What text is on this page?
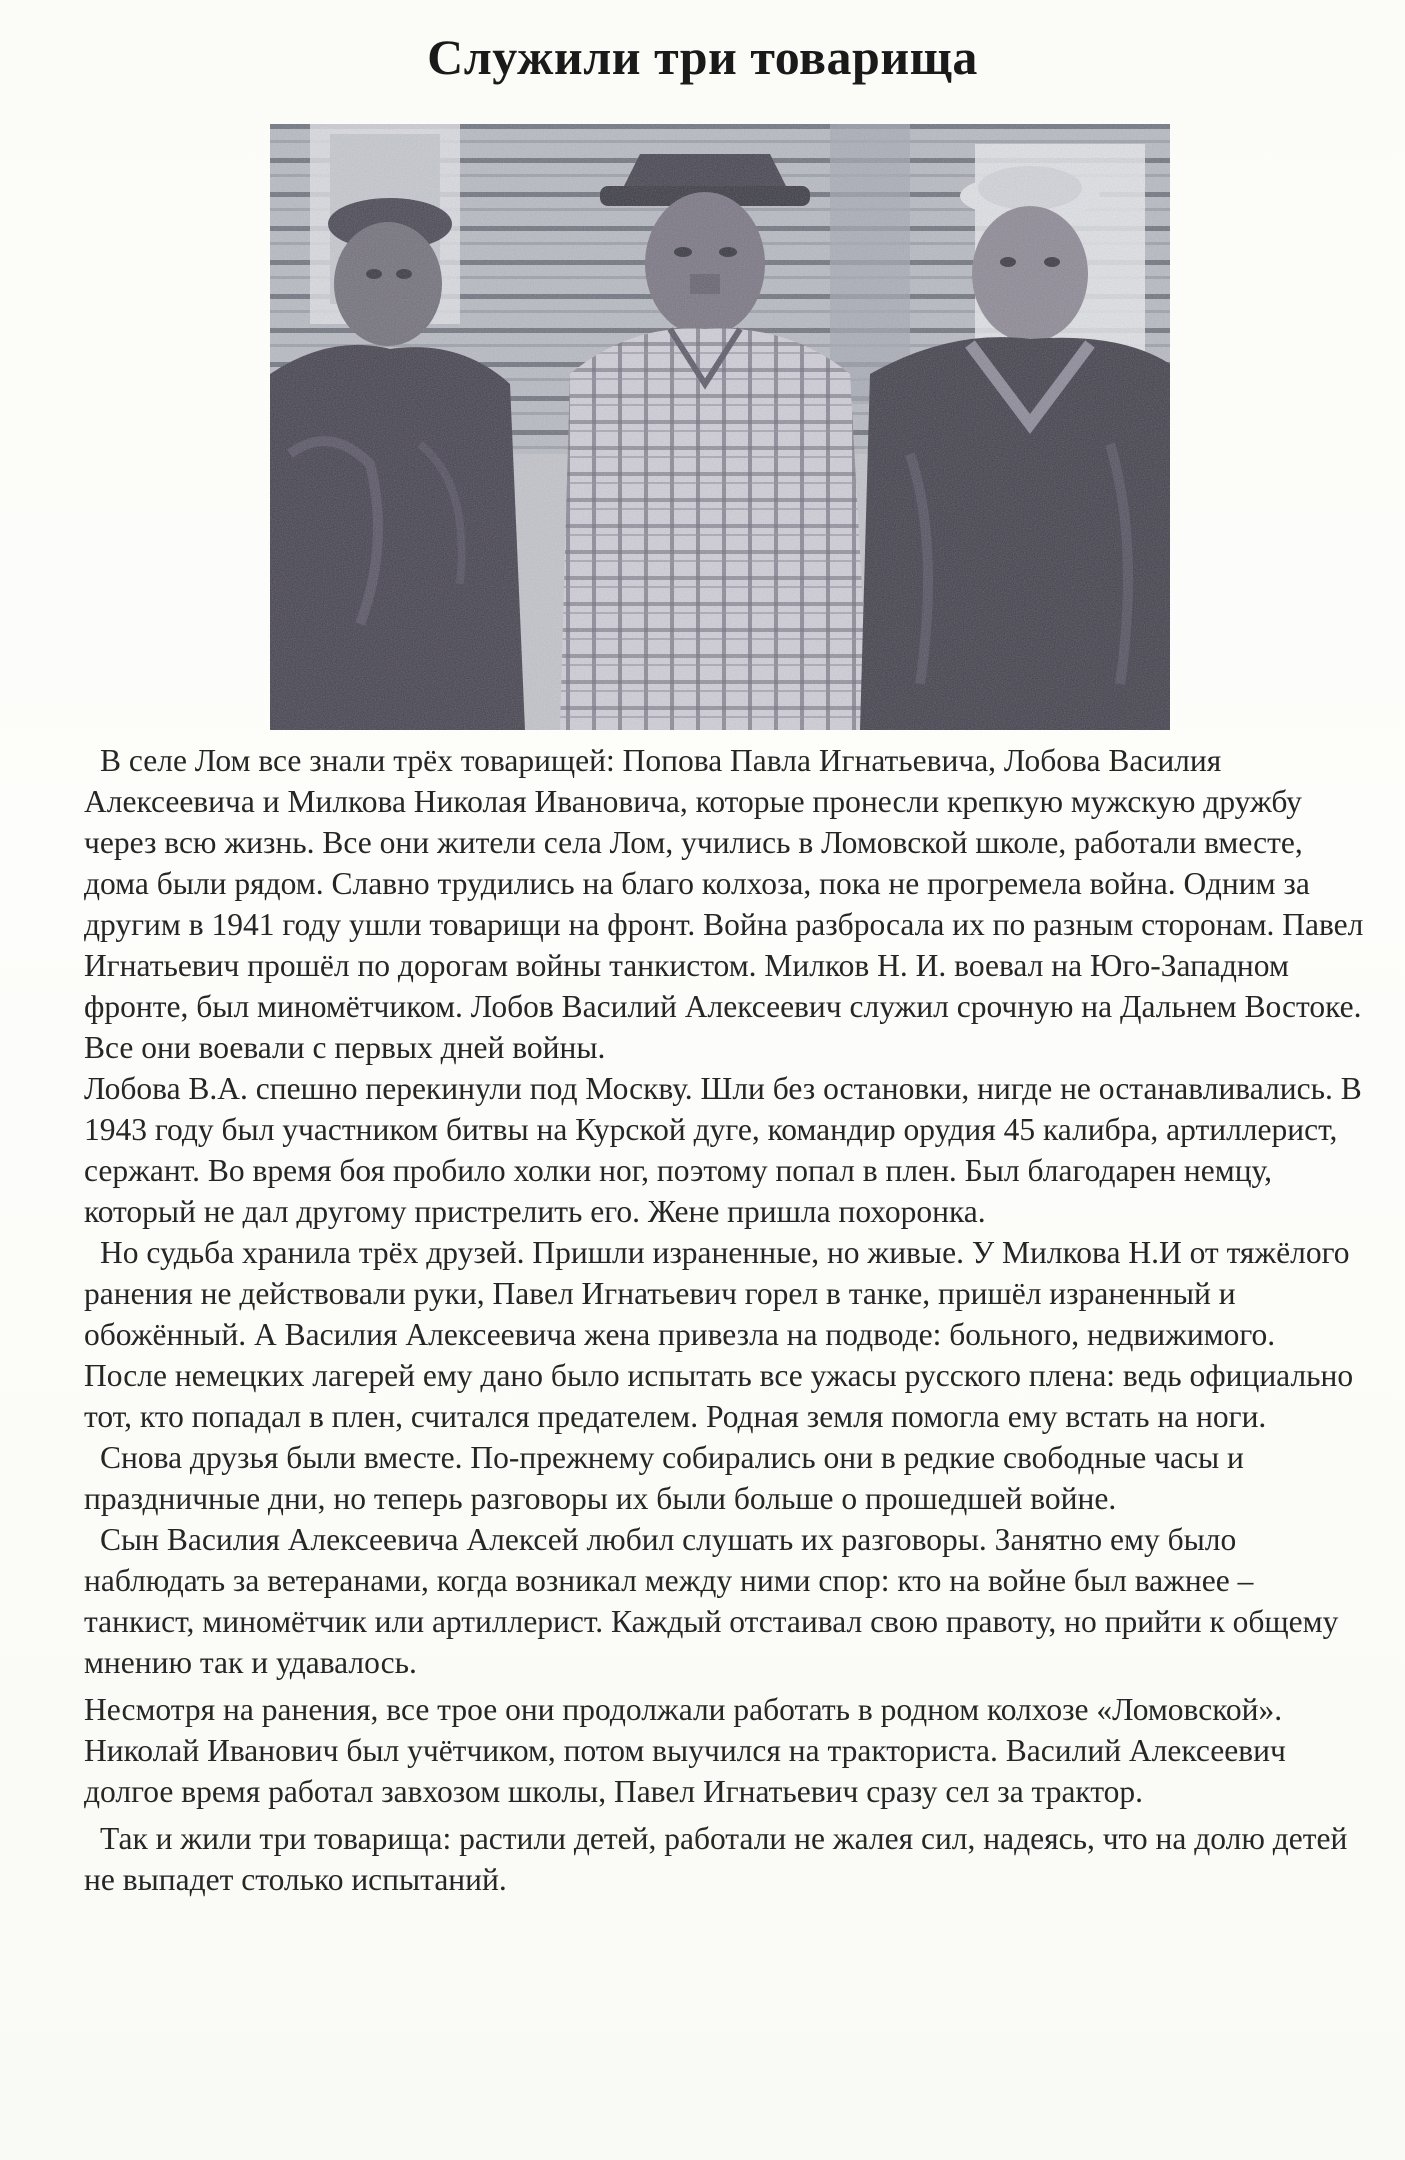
Служили три товарища

В селе Лом все знали трёх товарищей: Попова Павла Игнатьевича, Лобова Василия Алексеевича и Милкова Николая Ивановича, которые пронесли крепкую мужскую дружбу через всю жизнь. Все они жители села Лом, учились в Ломовской школе, работали вместе, дома были рядом. Славно трудились на благо колхоза, пока не прогремела война. Одним за другим в 1941 году ушли товарищи на фронт. Война разбросала их по разным сторонам. Павел Игнатьевич прошёл по дорогам войны танкистом. Милков Н. И. воевал на Юго-Западном фронте, был миномётчиком. Лобов Василий Алексеевич служил срочную на Дальнем Востоке. Все они воевали с первых дней войны.

Лобова В.А. спешно перекинули под Москву. Шли без остановки, нигде не останавливались. В 1943 году был участником битвы на Курской дуге, командир орудия 45 калибра, артиллерист, сержант. Во время боя пробило холки ног, поэтому попал в плен. Был благодарен немцу, который не дал другому пристрелить его. Жене пришла похоронка.

Но судьба хранила трёх друзей. Пришли израненные, но живые. У Милкова Н.И от тяжёлого ранения не действовали руки, Павел Игнатьевич горел в танке, пришёл израненный и обожённый. А Василия Алексеевича жена привезла на подводе: больного, недвижимого. После немецких лагерей ему дано было испытать все ужасы русского плена: ведь официально тот, кто попадал в плен, считался предателем. Родная земля помогла ему встать на ноги.

Снова друзья были вместе. По-прежнему собирались они в редкие свободные часы и праздничные дни, но теперь разговоры их были больше о прошедшей войне.

Сын Василия Алексеевича Алексей любил слушать их разговоры. Занятно ему было наблюдать за ветеранами, когда возникал между ними спор: кто на войне был важнее – танкист, миномётчик или артиллерист. Каждый отстаивал свою правоту, но прийти к общему мнению так и удавалось.

Несмотря на ранения, все трое они продолжали работать в родном колхозе «Ломовской». Николай Иванович был учётчиком, потом выучился на тракториста. Василий Алексеевич долгое время работал завхозом школы, Павел Игнатьевич сразу сел за трактор.

Так и жили три товарища: растили детей, работали не жалея сил, надеясь, что на долю детей не выпадет столько испытаний.
